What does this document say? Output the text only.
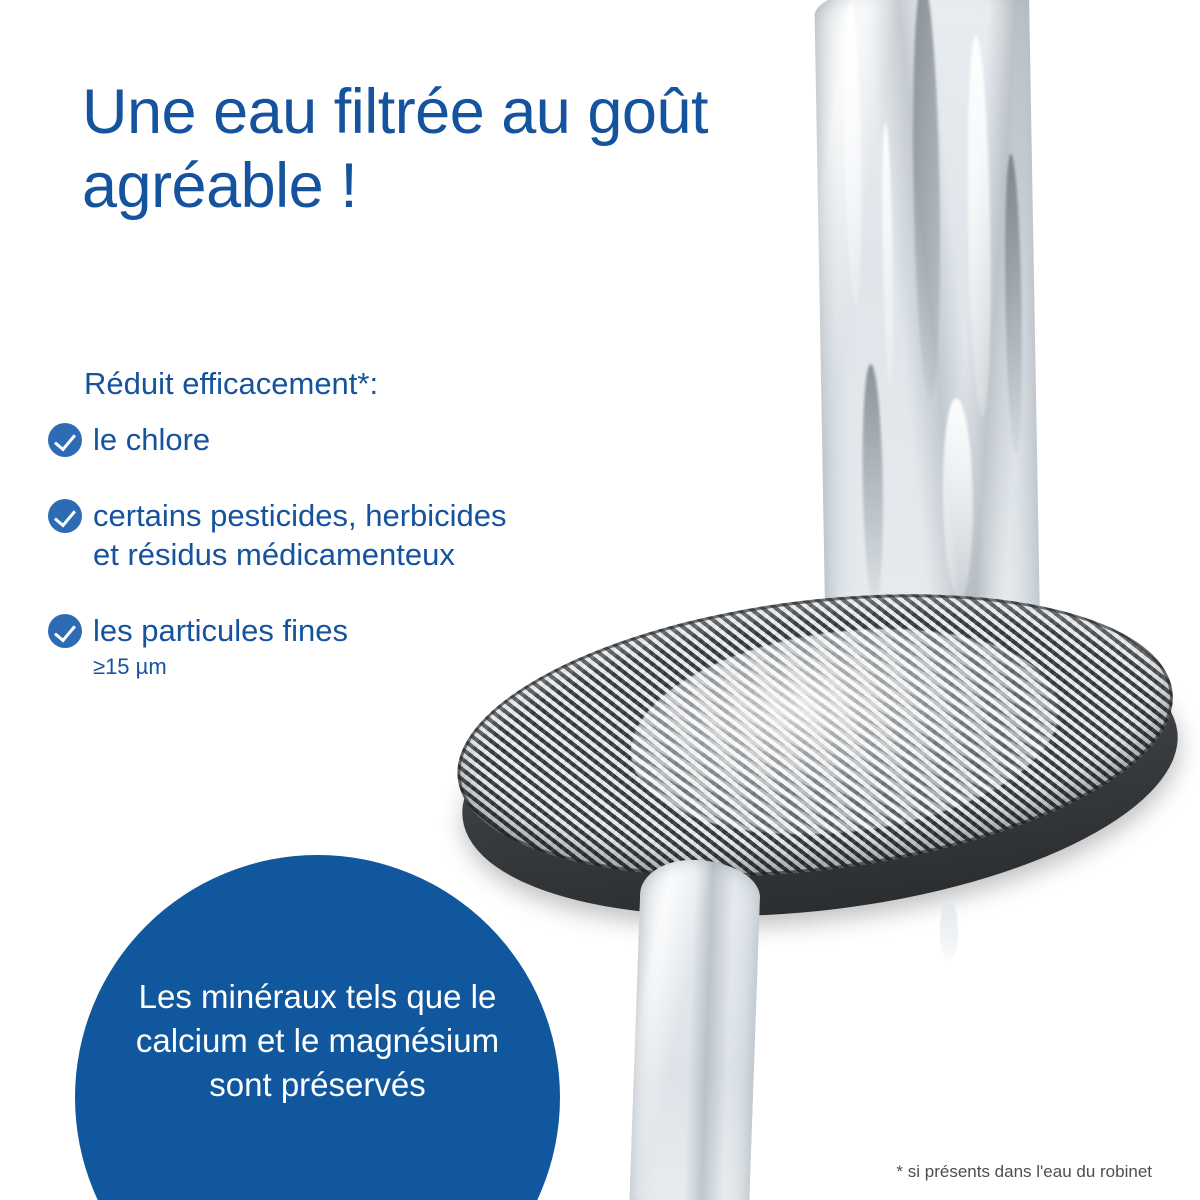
Une eau filtrée au goût agréable !
Réduit efficacement*:
le chlore
certains pesticides, herbicides et résidus médicamenteux
les particules fines
≥15 µm
Les minéraux tels que le calcium et le magnésium sont préservés
* si présents dans l'eau du robinet
